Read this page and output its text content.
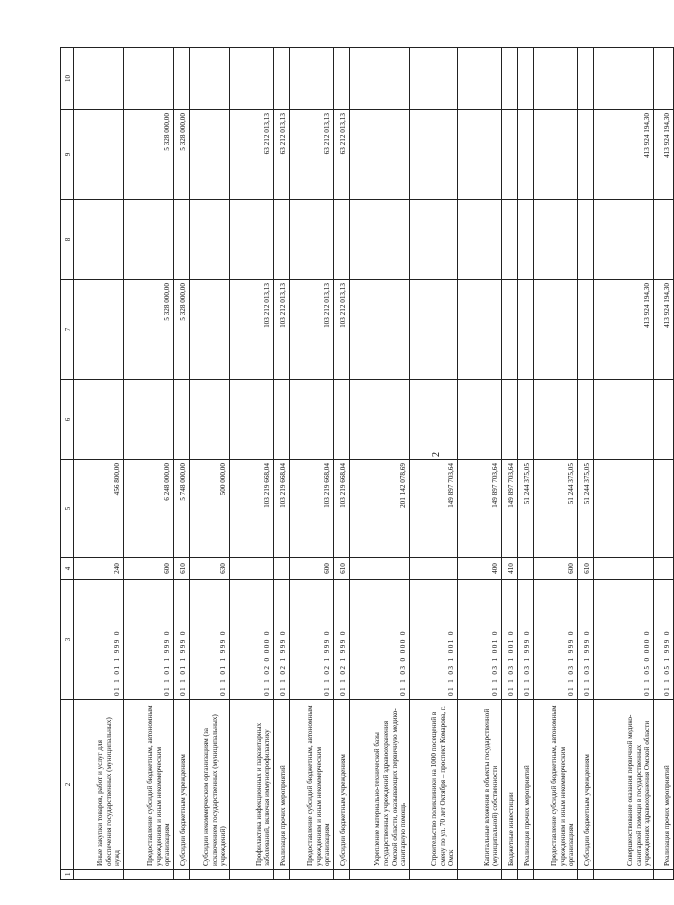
2
1	2	3	4	5	6	7	8	9	10
	Иные закупки товаров, работ и услуг для обеспечения государственных (муниципальных) нужд	01 1 01 1 999 0	240	456 800,00					
	Предоставление субсидий бюджетным, автономным учреждениям и иным некоммерческим организациям	01 1 01 1 999 0	600	6 248 000,00		5 328 000,00		5 328 000,00	
	Субсидии бюджетным учреждениям	01 1 01 1 999 0	610	5 748 000,00		5 328 000,00		5 328 000,00	
	Субсидии некоммерческим организациям (за исключением государственных (муниципальных) учреждений)	01 1 01 1 999 0	630	500 000,00					
	Профилактика инфекционных и паразитарных заболеваний, включая иммунопрофилактику	01 1 02 0 000 0		103 219 668,04		103 212 013,13		63 212 013,13	
	Реализация прочих мероприятий	01 1 02 1 999 0		103 219 668,04		103 212 013,13		63 212 013,13	
	Предоставление субсидий бюджетным, автономным учреждениям и иным некоммерческим организациям	01 1 02 1 999 0	600	103 219 668,04		103 212 013,13		63 212 013,13	
	Субсидии бюджетным учреждениям	01 1 02 1 999 0	610	103 219 668,04		103 212 013,13		63 212 013,13	
	Укрепление материально-технической базы государственных учреждений здравоохранения Омской области, оказывающих первичную медико-санитарную помощь	01 1 03 0 000 0		201 142 078,69					
	Строительство поликлиники на 1000 посещений в смену по ул. 70 лет Октября – проспект Комарова, г. Омск	01 1 03 1 001 0		149 897 703,64					
	Капитальные вложения в объекты государственной (муниципальной) собственности	01 1 03 1 001 0	400	149 897 703,64					
	Бюджетные инвестиции	01 1 03 1 001 0	410	149 897 703,64					
	Реализация прочих мероприятий	01 1 03 1 999 0		51 244 375,05					
	Предоставление субсидий бюджетным, автономным учреждениям и иным некоммерческим организациям	01 1 03 1 999 0	600	51 244 375,05					
	Субсидии бюджетным учреждениям	01 1 03 1 999 0	610	51 244 375,05					
	Совершенствование оказания первичной медико-санитарной помощи в государственных учреждениях здравоохранения Омской области	01 1 05 0 000 0				413 924 194,30		413 924 194,30	
	Реализация прочих мероприятий	01 1 05 1 999 0				413 924 194,30		413 924 194,30	
